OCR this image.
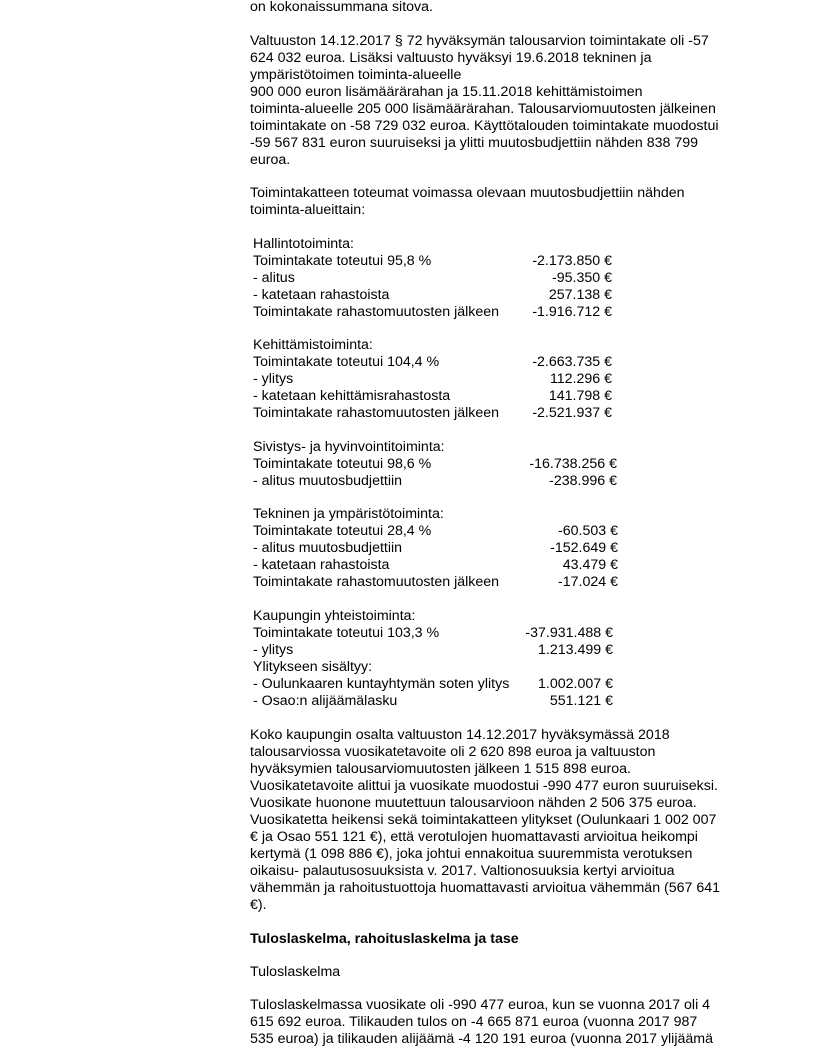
on kokonaissummana sitova.
Valtuuston 14.12.2017 § 72 hyväksymän talousarvion toimintakate oli -57
624 032 euroa. Lisäksi valtuusto hyväksyi 19.6.2018 tekninen ja
ympäristötoimen toiminta-alueelle
900 000 euron lisämäärärahan ja 15.11.2018 kehittämistoimen
toiminta-alueelle 205 000 lisämäärärahan. Talousarviomuutosten jälkeinen
toimintakate on -58 729 032 euroa. Käyttötalouden toimintakate muodostui
-59 567 831 euron suuruiseksi ja ylitti muutosbudjettiin nähden 838 799
euroa.
Toimintakatteen toteumat voimassa olevaan muutosbudjettiin nähden
toiminta-alueittain:
Hallintotoiminta:
Toimintakate toteutui 95,8 %	-2.173.850 €
- alitus	-95.350 €
- katetaan rahastoista	257.138 €
Toimintakate rahastomuutosten jälkeen	-1.916.712 €
Kehittämistoiminta:
Toimintakate toteutui 104,4 %	-2.663.735 €
- ylitys	112.296 €
- katetaan kehittämisrahastosta	141.798 €
Toimintakate rahastomuutosten jälkeen	-2.521.937 €
Sivistys- ja hyvinvointitoiminta:
Toimintakate toteutui 98,6 %	-16.738.256 €
- alitus muutosbudjettiin	-238.996 €
Tekninen ja ympäristötoiminta:
Toimintakate toteutui 28,4 %	-60.503 €
- alitus muutosbudjettiin	-152.649 €
- katetaan rahastoista	43.479 €
Toimintakate rahastomuutosten jälkeen	-17.024 €
Kaupungin yhteistoiminta:
Toimintakate toteutui 103,3 %	-37.931.488 €
- ylitys	1.213.499 €
Ylitykseen sisältyy:
- Oulunkaaren kuntayhtymän soten ylitys	1.002.007 €
- Osao:n alijäämälasku	551.121 €
Koko kaupungin osalta valtuuston 14.12.2017 hyväksymässä 2018
talousarviossa vuosikatetavoite oli 2 620 898 euroa ja valtuuston
hyväksymien talousarviomuutosten jälkeen 1 515 898 euroa.
Vuosikatetavoite alittui ja vuosikate muodostui -990 477 euron suuruiseksi.
Vuosikate huonone muutettuun talousarvioon nähden 2 506 375 euroa.
Vuosikatetta heikensi sekä toimintakatteen ylitykset (Oulunkaari 1 002 007
€ ja Osao 551 121 €), että verotulojen huomattavasti arvioitua heikompi
kertymä (1 098 886 €), joka johtui ennakoitua suuremmista verotuksen
oikaisu- palautusosuuksista v. 2017. Valtionosuuksia kertyi arvioitua
vähemmän ja rahoitustuottoja huomattavasti arvioitua vähemmän (567 641
€).
Tuloslaskelma, rahoituslaskelma ja tase
Tuloslaskelma
Tuloslaskelmassa vuosikate oli -990 477 euroa, kun se vuonna 2017 oli 4
615 692 euroa. Tilikauden tulos on -4 665 871 euroa (vuonna 2017 987
535 euroa) ja tilikauden alijäämä -4 120 191 euroa (vuonna 2017 ylijäämä
